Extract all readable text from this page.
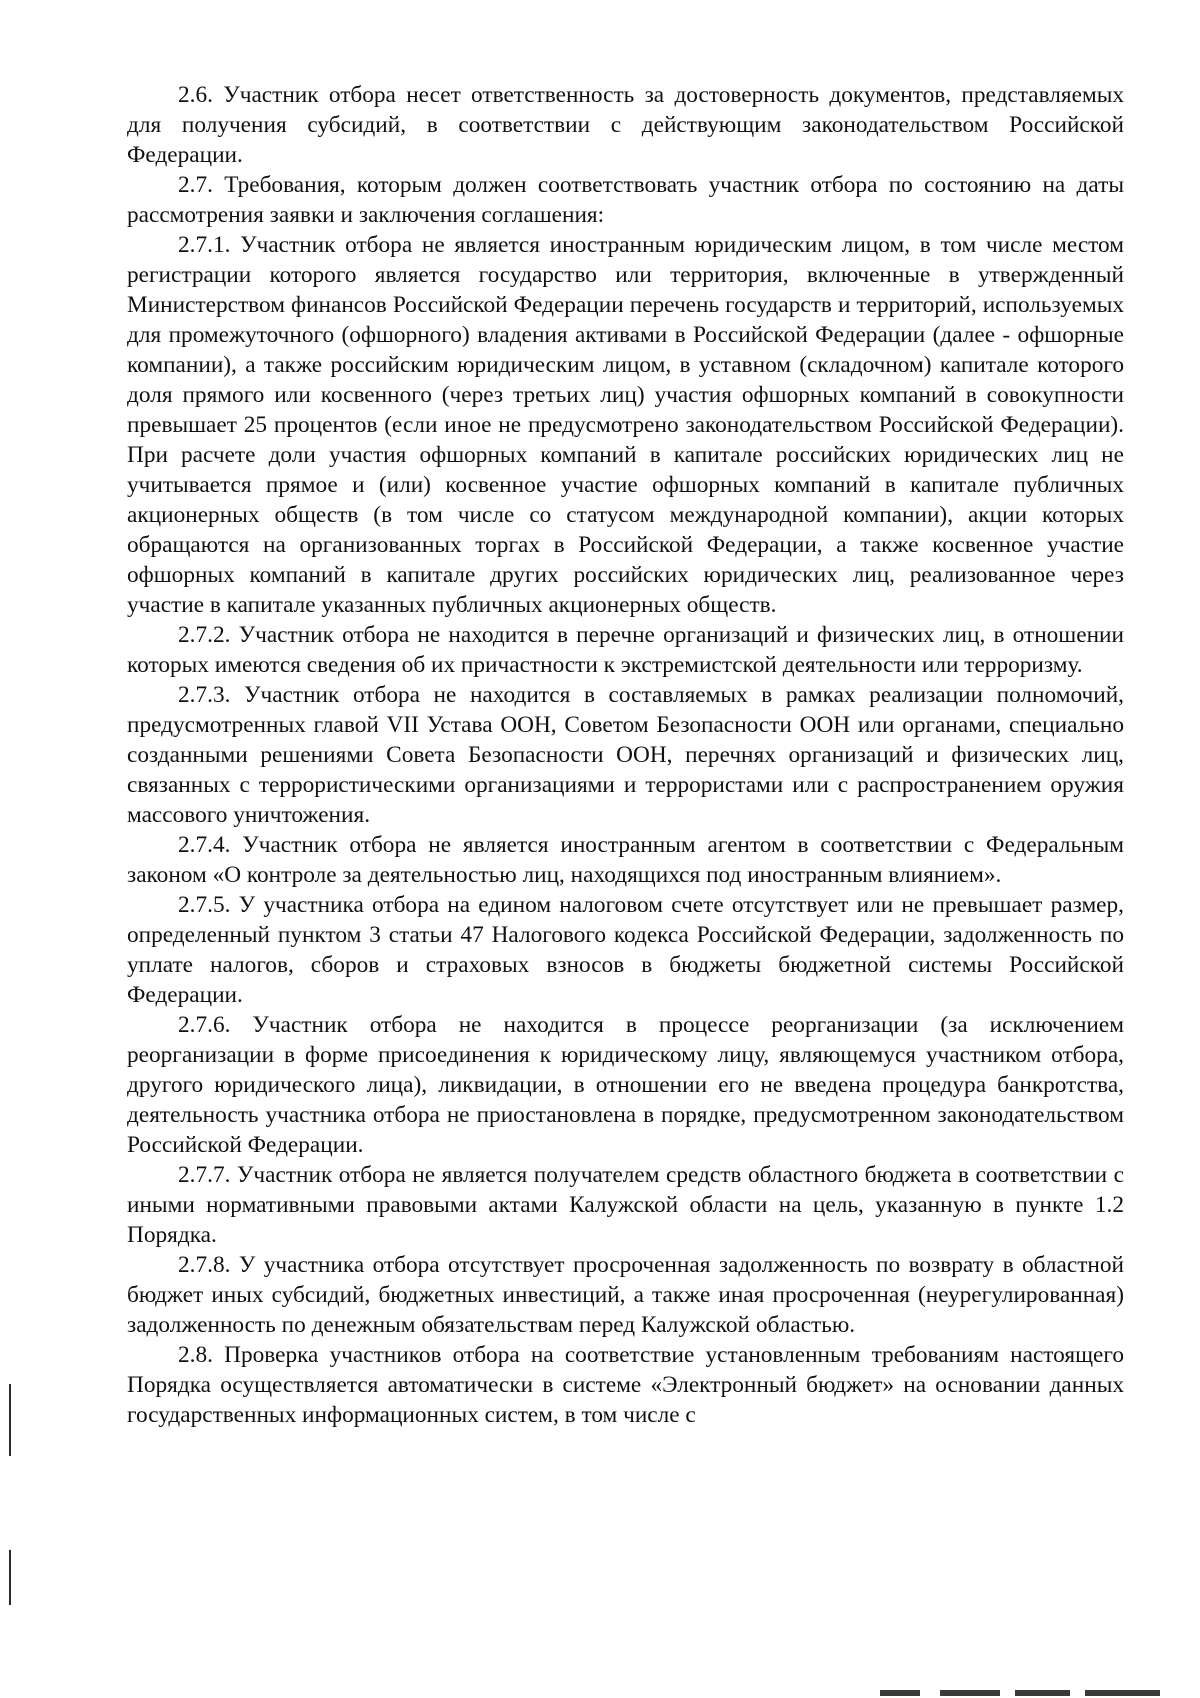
2.6. Участник отбора несет ответственность за достоверность документов, представляемых для получения субсидий, в соответствии с действующим законодательством Российской Федерации.

2.7. Требования, которым должен соответствовать участник отбора по состоянию на даты рассмотрения заявки и заключения соглашения:

2.7.1. Участник отбора не является иностранным юридическим лицом, в том числе местом регистрации которого является государство или территория, включенные в утвержденный Министерством финансов Российской Федерации перечень государств и территорий, используемых для промежуточного (офшорного) владения активами в Российской Федерации (далее - офшорные компании), а также российским юридическим лицом, в уставном (складочном) капитале которого доля прямого или косвенного (через третьих лиц) участия офшорных компаний в совокупности превышает 25 процентов (если иное не предусмотрено законодательством Российской Федерации). При расчете доли участия офшорных компаний в капитале российских юридических лиц не учитывается прямое и (или) косвенное участие офшорных компаний в капитале публичных акционерных обществ (в том числе со статусом международной компании), акции которых обращаются на организованных торгах в Российской Федерации, а также косвенное участие офшорных компаний в капитале других российских юридических лиц, реализованное через участие в капитале указанных публичных акционерных обществ.

2.7.2. Участник отбора не находится в перечне организаций и физических лиц, в отношении которых имеются сведения об их причастности к экстремистской деятельности или терроризму.

2.7.3. Участник отбора не находится в составляемых в рамках реализации полномочий, предусмотренных главой VII Устава ООН, Советом Безопасности ООН или органами, специально созданными решениями Совета Безопасности ООН, перечнях организаций и физических лиц, связанных с террористическими организациями и террористами или с распространением оружия массового уничтожения.

2.7.4. Участник отбора не является иностранным агентом в соответствии с Федеральным законом «О контроле за деятельностью лиц, находящихся под иностранным влиянием».

2.7.5. У участника отбора на едином налоговом счете отсутствует или не превышает размер, определенный пунктом 3 статьи 47 Налогового кодекса Российской Федерации, задолженность по уплате налогов, сборов и страховых взносов в бюджеты бюджетной системы Российской Федерации.

2.7.6. Участник отбора не находится в процессе реорганизации (за исключением реорганизации в форме присоединения к юридическому лицу, являющемуся участником отбора, другого юридического лица), ликвидации, в отношении его не введена процедура банкротства, деятельность участника отбора не приостановлена в порядке, предусмотренном законодательством Российской Федерации.

2.7.7. Участник отбора не является получателем средств областного бюджета в соответствии с иными нормативными правовыми актами Калужской области на цель, указанную в пункте 1.2 Порядка.

2.7.8. У участника отбора отсутствует просроченная задолженность по возврату в областной бюджет иных субсидий, бюджетных инвестиций, а также иная просроченная (неурегулированная) задолженность по денежным обязательствам перед Калужской областью.

2.8. Проверка участников отбора на соответствие установленным требованиям настоящего Порядка осуществляется автоматически в системе «Электронный бюджет» на основании данных государственных информационных систем, в том числе с
